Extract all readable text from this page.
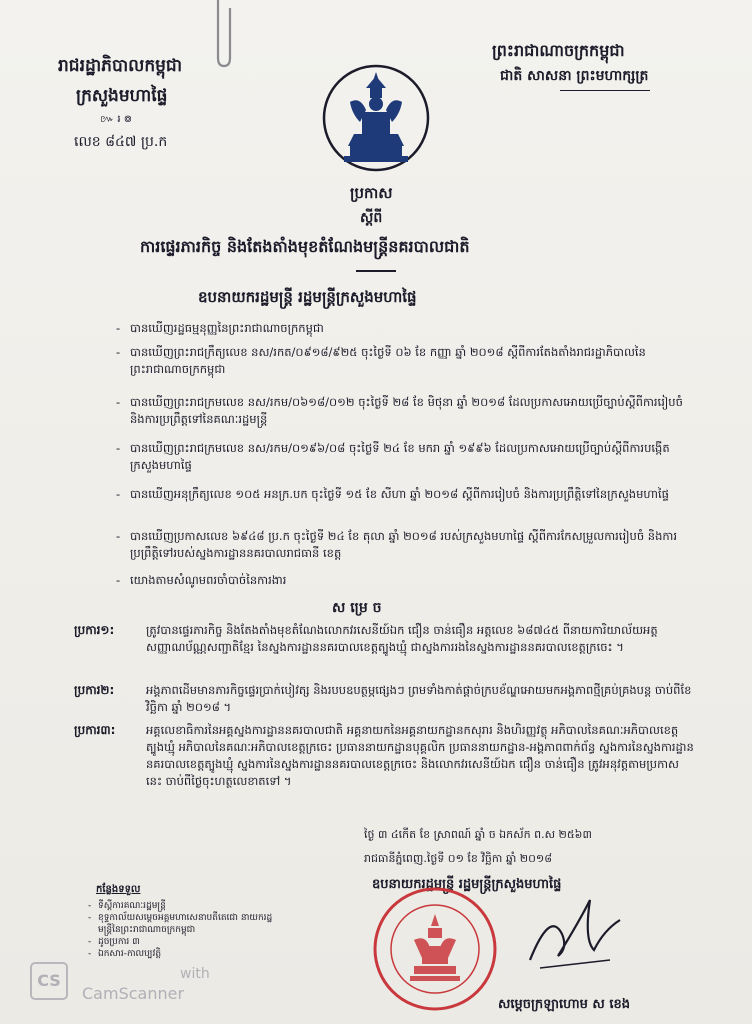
រាជរដ្ឋាភិបាលកម្ពុជា
ក្រសួងមហាផ្ទៃ
៚ ៛ ៙
លេខ ៨៤៧ ប្រ.ក
ព្រះរាជាណាចក្រកម្ពុជា
ជាតិ សាសនា ព្រះមហាក្សត្រ
ប្រកាស
ស្តីពី
ការផ្ទេរភារកិច្ច និងតែងតាំងមុខតំណែងមន្ត្រីនគរបាលជាតិ
ឧបនាយករដ្ឋមន្ត្រី រដ្ឋមន្ត្រីក្រសួងមហាផ្ទៃ
- បានឃើញរដ្ឋធម្មនុញ្ញនៃព្រះរាជាណាចក្រកម្ពុជា
- បានឃើញព្រះរាជក្រឹត្យលេខ នស/រកត/០៩១៨/៩២៥ ចុះថ្ងៃទី ០៦ ខែ កញ្ញា ឆ្នាំ ២០១៨ ស្តីពីការតែងតាំងរាជរដ្ឋាភិបាលនៃព្រះរាជាណាចក្រកម្ពុជា
- បានឃើញព្រះរាជក្រមលេខ នស/រកម/០៦១៨/០១២ ចុះថ្ងៃទី ២៨ ខែ មិថុនា ឆ្នាំ ២០១៨ ដែលប្រកាសអោយប្រើច្បាប់ស្តីពីការរៀបចំ និងការប្រព្រឹត្តទៅនៃគណៈរដ្ឋមន្ត្រី
- បានឃើញព្រះរាជក្រមលេខ នស/រកម/០១៩៦/០៨ ចុះថ្ងៃទី ២៤ ខែ មករា ឆ្នាំ ១៩៩៦ ដែលប្រកាសអោយប្រើច្បាប់ស្តីពីការបង្កើតក្រសួងមហាផ្ទៃ
- បានឃើញអនុក្រឹត្យលេខ ១០៥ អនក្រ.បក ចុះថ្ងៃទី ១៥ ខែ សីហា ឆ្នាំ ២០១៨ ស្តីពីការរៀបចំ និងការប្រព្រឹត្តិទៅនៃក្រសួងមហាផ្ទៃ
- បានឃើញប្រកាសលេខ ៦៩៤៨ ប្រ.ក ចុះថ្ងៃទី ២៤ ខែ តុលា ឆ្នាំ ២០១៨ របស់ក្រសួងមហាផ្ទៃ ស្តីពីការកែសម្រួលការរៀបចំ និងការប្រព្រឹត្តិទៅរបស់ស្នងការដ្ឋាននគរបាលរាជធានី ខេត្ត
- យោងតាមសំណូមពរចាំបាច់នៃការងារ
ស ម្រេ ច
ប្រការ១:	ត្រូវបានផ្ទេរភារកិច្ច និងតែងតាំងមុខតំណែងលោកវរសេនីយ៍ឯក ជឿន ចាន់ធឿន អត្តលេខ ៦៨៧៤៥ ពីនាយការិយាល័យអត្តសញ្ញាណប័ណ្ណសញ្ជាតិខ្មែរ នៃស្នងការដ្ឋាននគរបាលខេត្តត្បូងឃ្មុំ ជាស្នងការរងនៃស្នងការដ្ឋាននគរបាលខេត្តក្រចេះ ។
ប្រការ២:	អង្គភាពដើមមានភារកិច្ចផ្ទេរប្រាក់បៀវត្ស និងរបបឧបត្ថម្ភផ្សេងៗ ព្រមទាំងកាត់ផ្តាច់ក្របខ័ណ្ឌអោយមកអង្គភាពថ្មីគ្រប់គ្រងបន្ត ចាប់ពីខែ វិច្ឆិកា ឆ្នាំ ២០១៨ ។
ប្រការ៣:	អគ្គលេខាធិការនៃអគ្គស្នងការដ្ឋាននគរបាលជាតិ អគ្គនាយកនៃអគ្គនាយកដ្ឋានកសុរារ និងហិរញ្ញវត្ថុ អភិបាលនៃគណៈអភិបាលខេត្តត្បូងឃ្មុំ អភិបាលនៃគណៈអភិបាលខេត្តក្រចេះ ប្រធាននាយកដ្ឋានបុគ្គលិក ប្រធាននាយកដ្ឋាន-អង្គភាពពាក់ព័ន្ធ ស្នងការនៃស្នងការដ្ឋាននគរបាលខេត្តត្បូងឃ្មុំ ស្នងការនៃស្នងការដ្ឋាននគរបាលខេត្តក្រចេះ និងលោកវរសេនីយ៍ឯក ជឿន ចាន់ធឿន ត្រូវអនុវត្តតាមប្រកាសនេះ ចាប់ពីថ្ងៃចុះហត្ថលេខាតទៅ ។
ថ្ងៃ ៣ ៤កើត ខែ ស្រាពណ៍ ឆ្នាំ ច ឯកស័ក ព.ស ២៥៦៣
រាជធានីភ្នំពេញ.ថ្ងៃទី ០១ ខែ វិច្ឆិកា ឆ្នាំ ២០១៨
ឧបនាយករដ្ឋមន្ត្រី រដ្ឋមន្ត្រីក្រសួងមហាផ្ទៃ
សម្តេចក្រឡាហោម ស ខេង
កន្លែងទទួល
- ទីស្តីការគណៈរដ្ឋមន្ត្រី
- ខុទ្ទកាល័យសម្តេចអគ្គមហាសេនាបតីតេជោ នាយករដ្ឋមន្ត្រីនៃព្រះរាជាណាចក្រកម្ពុជា
- ដូចប្រការ ៣
- ឯកសារ-កាលប្បវត្តិ
CS	with
CamScanner
